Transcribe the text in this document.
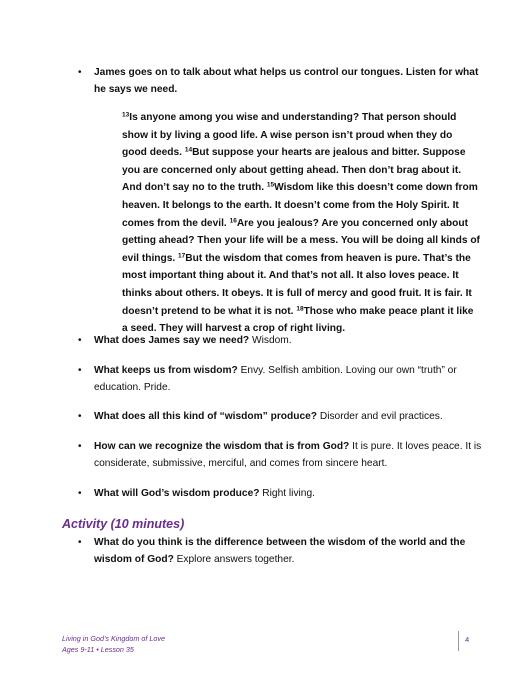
• James goes on to talk about what helps us control our tongues. Listen for what he says we need.
$^{13}$Is anyone among you wise and understanding? That person should show it by living a good life. A wise person isn’t proud when they do good deeds. $^{14}$But suppose your hearts are jealous and bitter. Suppose you are concerned only about getting ahead. Then don’t brag about it. And don’t say no to the truth. $^{15}$Wisdom like this doesn’t come down from heaven. It belongs to the earth. It doesn’t come from the Holy Spirit. It comes from the devil. $^{16}$Are you jealous? Are you concerned only about getting ahead? Then your life will be a mess. You will be doing all kinds of evil things. $^{17}$But the wisdom that comes from heaven is pure. That’s the most important thing about it. And that’s not all. It also loves peace. It thinks about others. It obeys. It is full of mercy and good fruit. It is fair. It doesn’t pretend to be what it is not. $^{18}$Those who make peace plant it like a seed. They will harvest a crop of right living.
• What does James say we need? Wisdom.
• What keeps us from wisdom? Envy. Selfish ambition. Loving our own “truth” or education. Pride.
• What does all this kind of “wisdom” produce? Disorder and evil practices.
• How can we recognize the wisdom that is from God? It is pure. It loves peace. It is considerate, submissive, merciful, and comes from sincere heart.
• What will God’s wisdom produce? Right living.
Activity (10 minutes)
• What do you think is the difference between the wisdom of the world and the wisdom of God? Explore answers together.
Living in God’s Kingdom of Love
Ages 9-11 • Lesson 35
4
